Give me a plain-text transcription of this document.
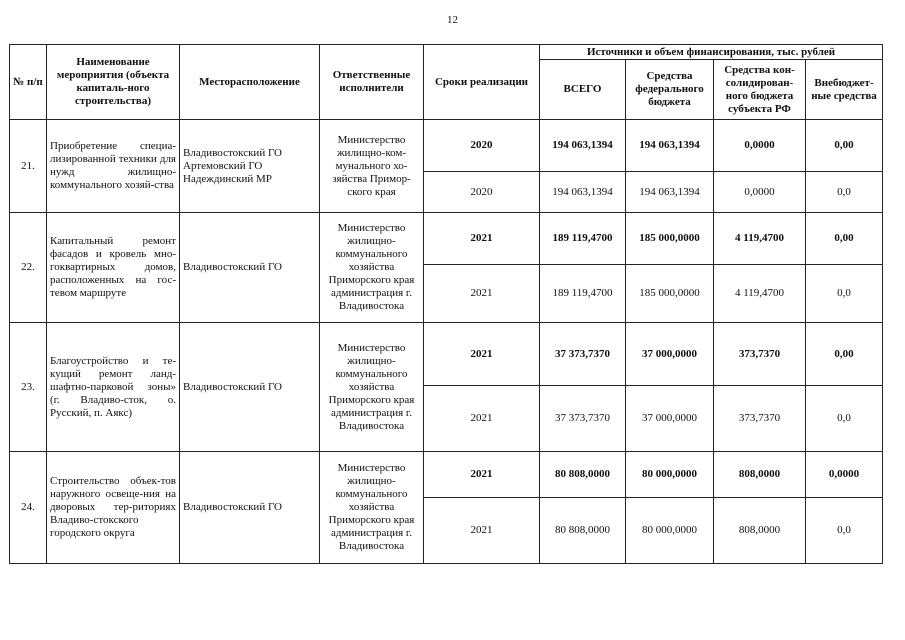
12
№ п/п	Наименование мероприятия (объекта капиталь-ного строительства)	Месторасположение	Ответственные исполнители	Сроки реализации	Источники и объем финансирования, тыс. рублей			
					ВСЕГО	Средства федерального бюджета	Средства кон-солидирован-ного бюджета субъекта РФ	Внебюджет-ные средства
21.	Приобретение специа-лизированной техники для нужд жилищно-коммунального хозяй-ства	Владивостокский ГО Артемовский ГО Надеждинский МР	Министерство жилищно-ком-мунального хо-зяйства Примор-ского края	2020	194 063,1394	194 063,1394	0,0000	0,00
				2020	194 063,1394	194 063,1394	0,0000	0,0
22.	Капитальный ремонт фасадов и кровель мно-гоквартирных домов, расположенных на гос-тевом маршруте	Владивостокский ГО	Министерство жилищно-коммунального хозяйства Приморского края администрация г. Владивостока	2021	189 119,4700	185 000,0000	4 119,4700	0,00
				2021	189 119,4700	185 000,0000	4 119,4700	0,0
23.	Благоустройство и те-кущий ремонт ланд-шафтно-парковой зоны» (г. Владиво-сток, о. Русский, п. Аякс)	Владивостокский ГО	Министерство жилищно-коммунального хозяйства Приморского края администрация г. Владивостока	2021	37 373,7370	37 000,0000	373,7370	0,00
				2021	37 373,7370	37 000,0000	373,7370	0,0
24.	Строительство объек-тов наружного освеще-ния на дворовых тер-риториях Владиво-стокского городского округа	Владивостокский ГО	Министерство жилищно-коммунального хозяйства Приморского края администрация г. Владивостока	2021	80 808,0000	80 000,0000	808,0000	0,0000
				2021	80 808,0000	80 000,0000	808,0000	0,0
